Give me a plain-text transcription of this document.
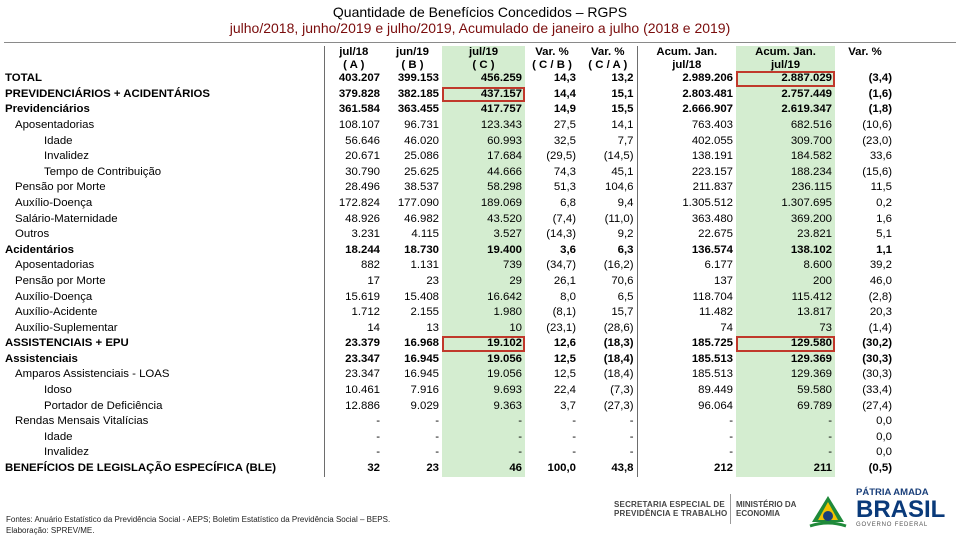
Quantidade de Benefícios Concedidos – RGPS
julho/2018, junho/2019 e julho/2019, Acumulado de janeiro a julho (2018 e 2019)
	jul/18	jun/19	jul/19	Var. %	Var. %	Acum. Jan.	Acum. Jan.	Var. %
	( A )	( B )	( C )	( C / B )	( C / A )	jul/18	jul/19	
TOTAL	403.207	399.153	456.259	14,3	13,2	2.989.206	2.887.029	(3,4)
PREVIDENCIÁRIOS + ACIDENTÁRIOS	379.828	382.185	437.157	14,4	15,1	2.803.481	2.757.449	(1,6)
Previdenciários	361.584	363.455	417.757	14,9	15,5	2.666.907	2.619.347	(1,8)
Aposentadorias	108.107	96.731	123.343	27,5	14,1	763.403	682.516	(10,6)
Idade	56.646	46.020	60.993	32,5	7,7	402.055	309.700	(23,0)
Invalidez	20.671	25.086	17.684	(29,5)	(14,5)	138.191	184.582	33,6
Tempo de Contribuição	30.790	25.625	44.666	74,3	45,1	223.157	188.234	(15,6)
Pensão por Morte	28.496	38.537	58.298	51,3	104,6	211.837	236.115	11,5
Auxílio-Doença	172.824	177.090	189.069	6,8	9,4	1.305.512	1.307.695	0,2
Salário-Maternidade	48.926	46.982	43.520	(7,4)	(11,0)	363.480	369.200	1,6
Outros	3.231	4.115	3.527	(14,3)	9,2	22.675	23.821	5,1
Acidentários	18.244	18.730	19.400	3,6	6,3	136.574	138.102	1,1
Aposentadorias	882	1.131	739	(34,7)	(16,2)	6.177	8.600	39,2
Pensão por Morte	17	23	29	26,1	70,6	137	200	46,0
Auxílio-Doença	15.619	15.408	16.642	8,0	6,5	118.704	115.412	(2,8)
Auxílio-Acidente	1.712	2.155	1.980	(8,1)	15,7	11.482	13.817	20,3
Auxílio-Suplementar	14	13	10	(23,1)	(28,6)	74	73	(1,4)
ASSISTENCIAIS + EPU	23.379	16.968	19.102	12,6	(18,3)	185.725	129.580	(30,2)
Assistenciais	23.347	16.945	19.056	12,5	(18,4)	185.513	129.369	(30,3)
Amparos Assistenciais - LOAS	23.347	16.945	19.056	12,5	(18,4)	185.513	129.369	(30,3)
Idoso	10.461	7.916	9.693	22,4	(7,3)	89.449	59.580	(33,4)
Portador de Deficiência	12.886	9.029	9.363	3,7	(27,3)	96.064	69.789	(27,4)
Rendas Mensais Vitalícias	-	-	-	-	-	-	-	0,0
Idade	-	-	-	-	-	-	-	0,0
Invalidez	-	-	-	-	-	-	-	0,0
BENEFÍCIOS DE LEGISLAÇÃO ESPECÍFICA (BLE)	32	23	46	100,0	43,8	212	211	(0,5)
Fontes: Anuário Estatístico da Previdência Social - AEPS; Boletim Estatístico da Previdência Social – BEPS.
Elaboração: SPREV/ME.
SECRETARIA ESPECIAL DE
PREVIDÊNCIA E TRABALHO
MINISTÉRIO DA
ECONOMIA
PÁTRIA AMADA
BRASIL
GOVERNO FEDERAL
